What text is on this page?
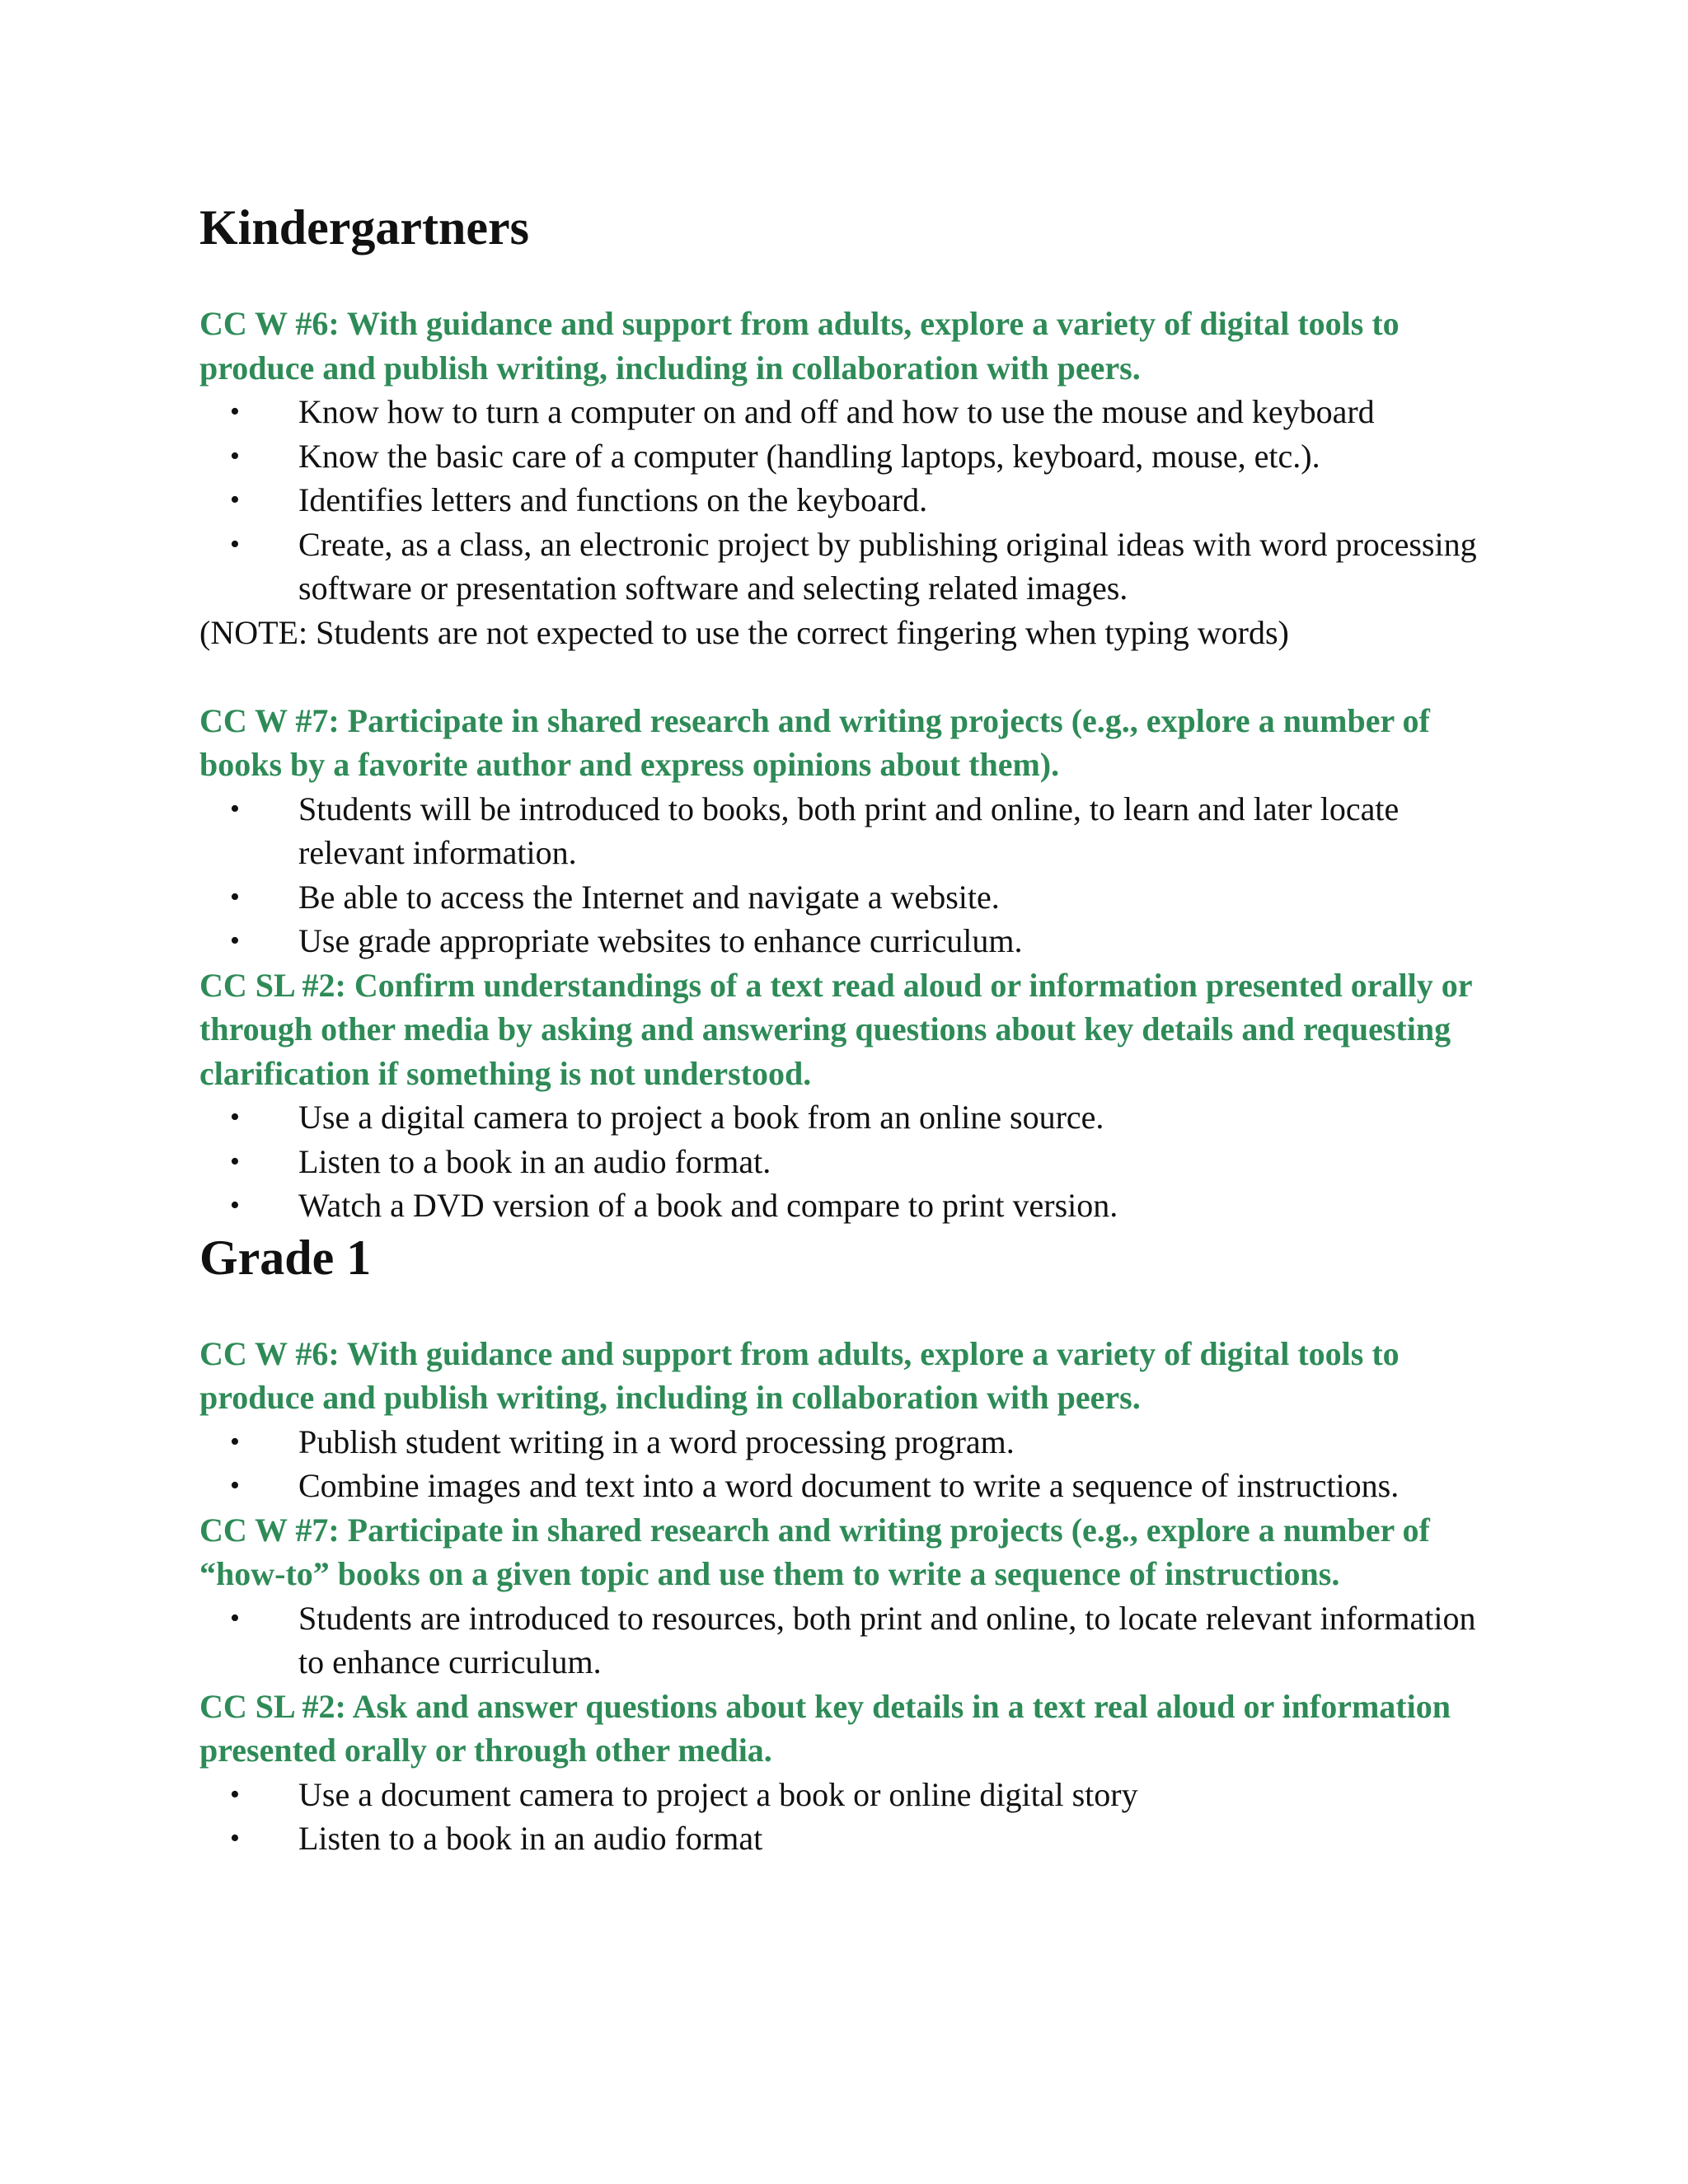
Kindergartners

CC W #6: With guidance and support from adults, explore a variety of digital tools to produce and publish writing, including in collaboration with peers.

• Know how to turn a computer on and off and how to use the mouse and keyboard
• Know the basic care of a computer (handling laptops, keyboard, mouse, etc.).
• Identifies letters and functions on the keyboard.
• Create, as a class, an electronic project by publishing original ideas with word processing software or presentation software and selecting related images.

(NOTE: Students are not expected to use the correct fingering when typing words)

CC W #7: Participate in shared research and writing projects (e.g., explore a number of books by a favorite author and express opinions about them).

• Students will be introduced to books, both print and online, to learn and later locate relevant information.
• Be able to access the Internet and navigate a website.
• Use grade appropriate websites to enhance curriculum.

CC SL #2: Confirm understandings of a text read aloud or information presented orally or through other media by asking and answering questions about key details and requesting clarification if something is not understood.

• Use a digital camera to project a book from an online source.
• Listen to a book in an audio format.
• Watch a DVD version of a book and compare to print version.
Grade 1

CC W #6: With guidance and support from adults, explore a variety of digital tools to produce and publish writing, including in collaboration with peers.

• Publish student writing in a word processing program.
• Combine images and text into a word document to write a sequence of instructions.

CC W #7: Participate in shared research and writing projects (e.g., explore a number of “how-to” books on a given topic and use them to write a sequence of instructions.

• Students are introduced to resources, both print and online, to locate relevant information to enhance curriculum.

CC SL #2: Ask and answer questions about key details in a text real aloud or information presented orally or through other media.

• Use a document camera to project a book or online digital story
• Listen to a book in an audio format
